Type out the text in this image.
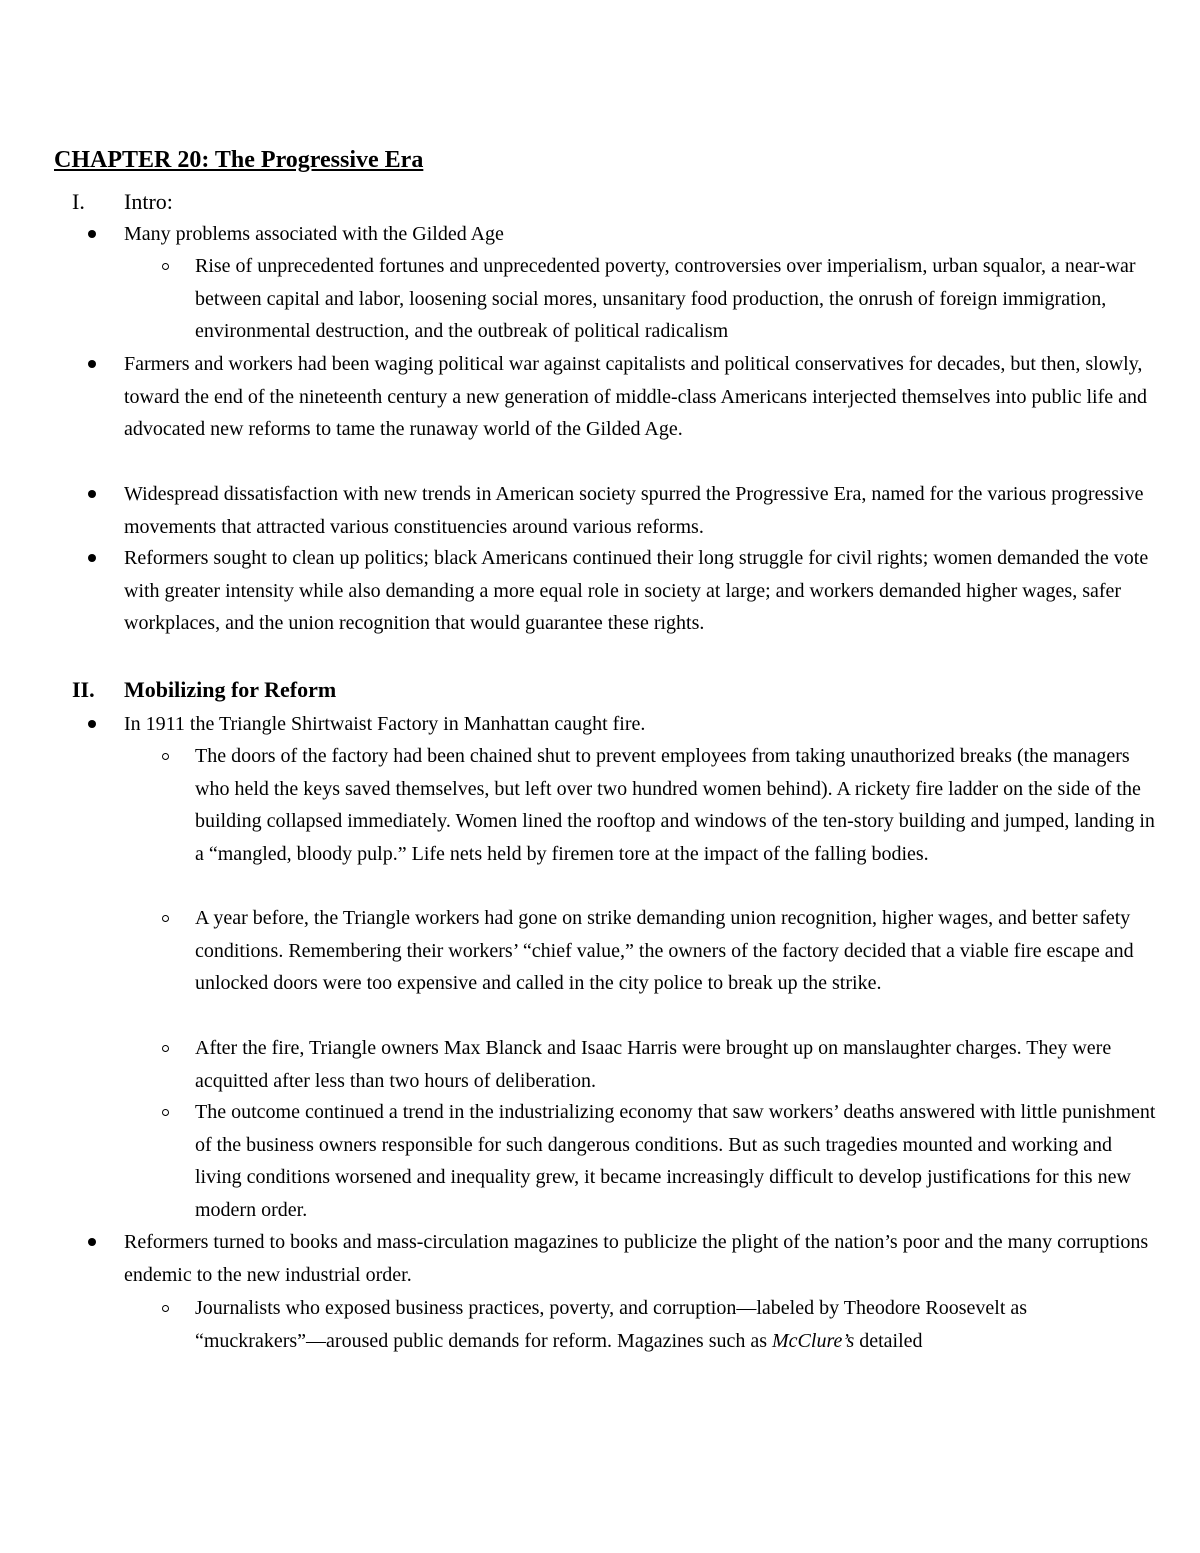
CHAPTER 20: The Progressive Era
I. Intro:
Many problems associated with the Gilded Age
Rise of unprecedented fortunes and unprecedented poverty, controversies over imperialism, urban squalor, a near-war between capital and labor, loosening social mores, unsanitary food production, the onrush of foreign immigration, environmental destruction, and the outbreak of political radicalism
Farmers and workers had been waging political war against capitalists and political conservatives for decades, but then, slowly, toward the end of the nineteenth century a new generation of middle-class Americans interjected themselves into public life and advocated new reforms to tame the runaway world of the Gilded Age.
Widespread dissatisfaction with new trends in American society spurred the Progressive Era, named for the various progressive movements that attracted various constituencies around various reforms.
Reformers sought to clean up politics; black Americans continued their long struggle for civil rights; women demanded the vote with greater intensity while also demanding a more equal role in society at large; and workers demanded higher wages, safer workplaces, and the union recognition that would guarantee these rights.
II. Mobilizing for Reform
In 1911 the Triangle Shirtwaist Factory in Manhattan caught fire.
The doors of the factory had been chained shut to prevent employees from taking unauthorized breaks (the managers who held the keys saved themselves, but left over two hundred women behind). A rickety fire ladder on the side of the building collapsed immediately. Women lined the rooftop and windows of the ten-story building and jumped, landing in a “mangled, bloody pulp.” Life nets held by firemen tore at the impact of the falling bodies.
A year before, the Triangle workers had gone on strike demanding union recognition, higher wages, and better safety conditions. Remembering their workers’ “chief value,” the owners of the factory decided that a viable fire escape and unlocked doors were too expensive and called in the city police to break up the strike.
After the fire, Triangle owners Max Blanck and Isaac Harris were brought up on manslaughter charges. They were acquitted after less than two hours of deliberation.
The outcome continued a trend in the industrializing economy that saw workers’ deaths answered with little punishment of the business owners responsible for such dangerous conditions. But as such tragedies mounted and working and living conditions worsened and inequality grew, it became increasingly difficult to develop justifications for this new modern order.
Reformers turned to books and mass-circulation magazines to publicize the plight of the nation’s poor and the many corruptions endemic to the new industrial order.
Journalists who exposed business practices, poverty, and corruption—labeled by Theodore Roosevelt as “muckrakers”—aroused public demands for reform. Magazines such as McClure’s detailed
